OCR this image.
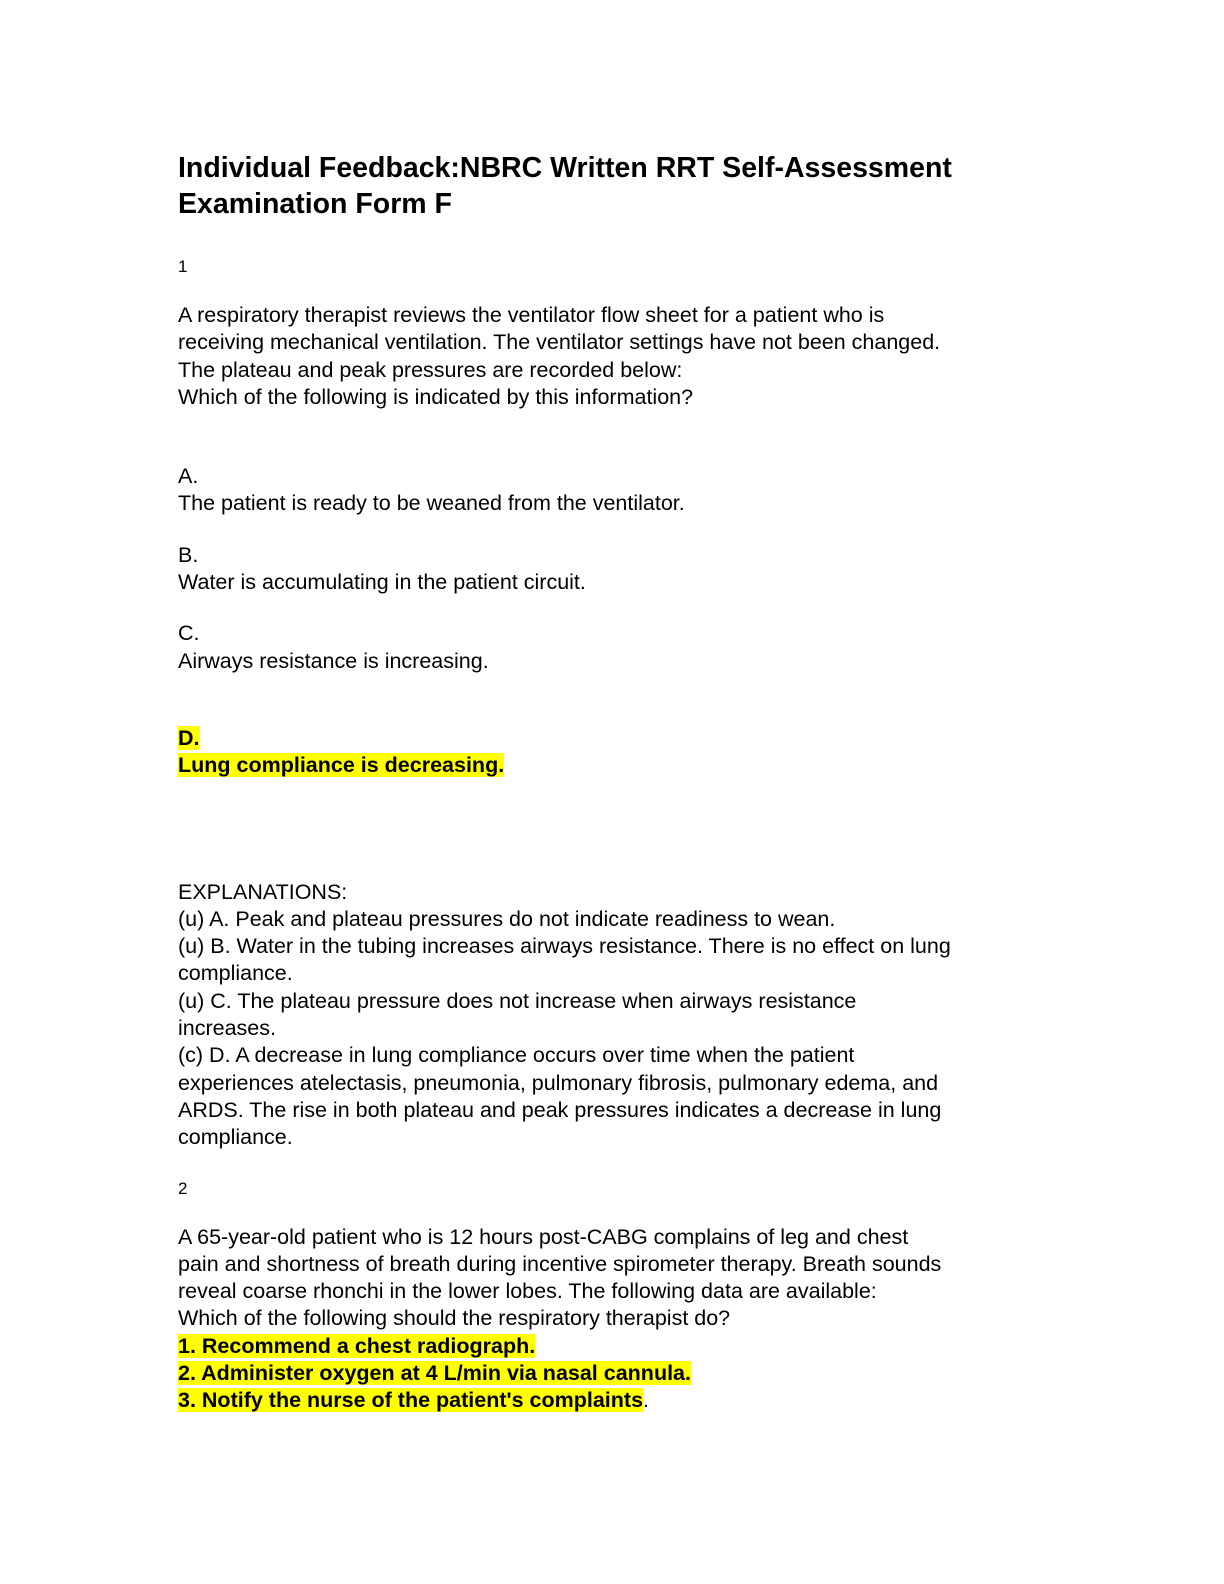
Individual Feedback:NBRC Written RRT Self-Assessment Examination Form F
1
A respiratory therapist reviews the ventilator flow sheet for a patient who is
receiving mechanical ventilation. The ventilator settings have not been changed.
The plateau and peak pressures are recorded below:
Which of the following is indicated by this information?
A.
The patient is ready to be weaned from the ventilator.
B.
Water is accumulating in the patient circuit.
C.
Airways resistance is increasing.
D.
Lung compliance is decreasing.
EXPLANATIONS:
(u) A. Peak and plateau pressures do not indicate readiness to wean.
(u) B. Water in the tubing increases airways resistance. There is no effect on lung
compliance.
(u) C. The plateau pressure does not increase when airways resistance
increases.
(c) D. A decrease in lung compliance occurs over time when the patient
experiences atelectasis, pneumonia, pulmonary fibrosis, pulmonary edema, and
ARDS. The rise in both plateau and peak pressures indicates a decrease in lung
compliance.
2
A 65-year-old patient who is 12 hours post-CABG complains of leg and chest
pain and shortness of breath during incentive spirometer therapy. Breath sounds
reveal coarse rhonchi in the lower lobes. The following data are available:
Which of the following should the respiratory therapist do?
1. Recommend a chest radiograph.
2. Administer oxygen at 4 L/min via nasal cannula.
3. Notify the nurse of the patient's complaints.
